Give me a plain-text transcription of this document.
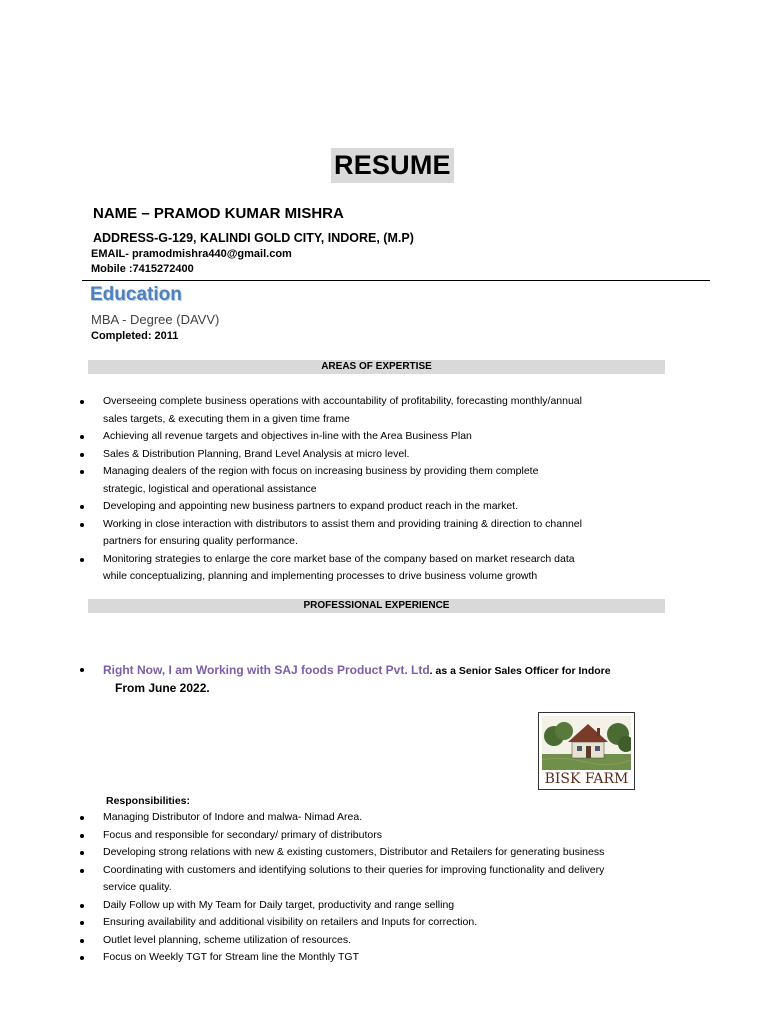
RESUME
NAME – PRAMOD KUMAR MISHRA
ADDRESS-G-129, KALINDI GOLD CITY, INDORE, (M.P)
EMAIL- pramodmishra440@gmail.com
Mobile :7415272400
Education
MBA - Degree (DAVV)
Completed: 2011
AREAS OF EXPERTISE
Overseeing complete business operations with accountability of profitability, forecasting monthly/annual
sales targets, & executing them in a given time frame
Achieving all revenue targets and objectives in-line with the Area Business Plan
Sales & Distribution Planning, Brand Level Analysis at micro level.
Managing dealers of the region with focus on increasing business by providing them complete
strategic, logistical and operational assistance
Developing and appointing new business partners to expand product reach in the market.
Working in close interaction with distributors to assist them and providing training & direction to channel
partners for ensuring quality performance.
Monitoring strategies to enlarge the core market base of the company based on market research data
while conceptualizing, planning and implementing processes to drive business volume growth
PROFESSIONAL EXPERIENCE
Right Now, I am Working with SAJ foods Product Pvt. Ltd. as a Senior Sales Officer for Indore
From June 2022.
BISK FARM
Responsibilities:
Managing Distributor of Indore and malwa- Nimad Area.
Focus and responsible for secondary/ primary of distributors
Developing strong relations with new & existing customers, Distributor and Retailers for generating business
Coordinating with customers and identifying solutions to their queries for improving functionality and delivery
service quality.
Daily Follow up with My Team for Daily target, productivity and range selling
Ensuring availability and additional visibility on retailers and Inputs for correction.
Outlet level planning, scheme utilization of resources.
Focus on Weekly TGT for Stream line the Monthly TGT
